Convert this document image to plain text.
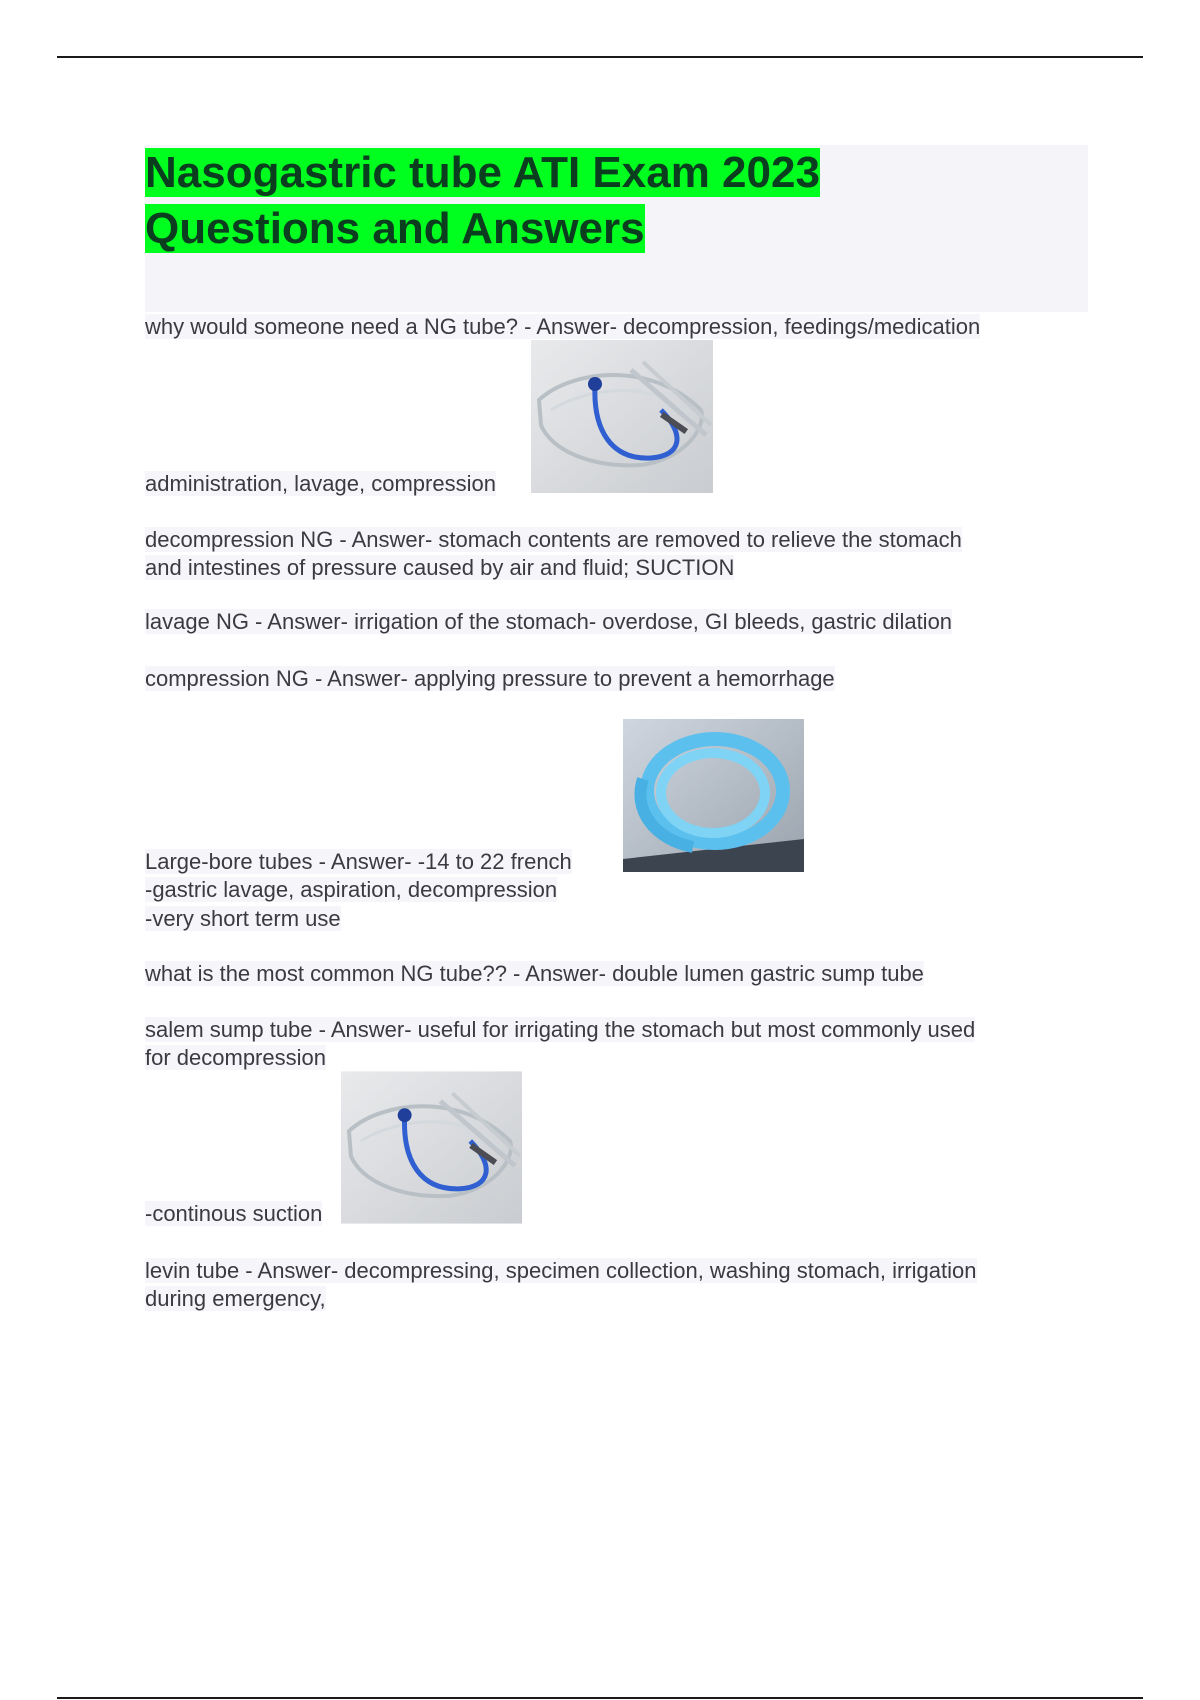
Nasogastric tube ATI Exam 2023
Questions and Answers
why would someone need a NG tube? - Answer- decompression, feedings/medication
administration, lavage, compression
decompression NG - Answer- stomach contents are removed to relieve the stomach
and intestines of pressure caused by air and fluid; SUCTION
lavage NG - Answer- irrigation of the stomach- overdose, GI bleeds, gastric dilation
compression NG - Answer- applying pressure to prevent a hemorrhage
Large-bore tubes - Answer- -14 to 22 french
-gastric lavage, aspiration, decompression
-very short term use
what is the most common NG tube?? - Answer- double lumen gastric sump tube
salem sump tube - Answer- useful for irrigating the stomach but most commonly used
for decompression
-continous suction
levin tube - Answer- decompressing, specimen collection, washing stomach, irrigation
during emergency,
